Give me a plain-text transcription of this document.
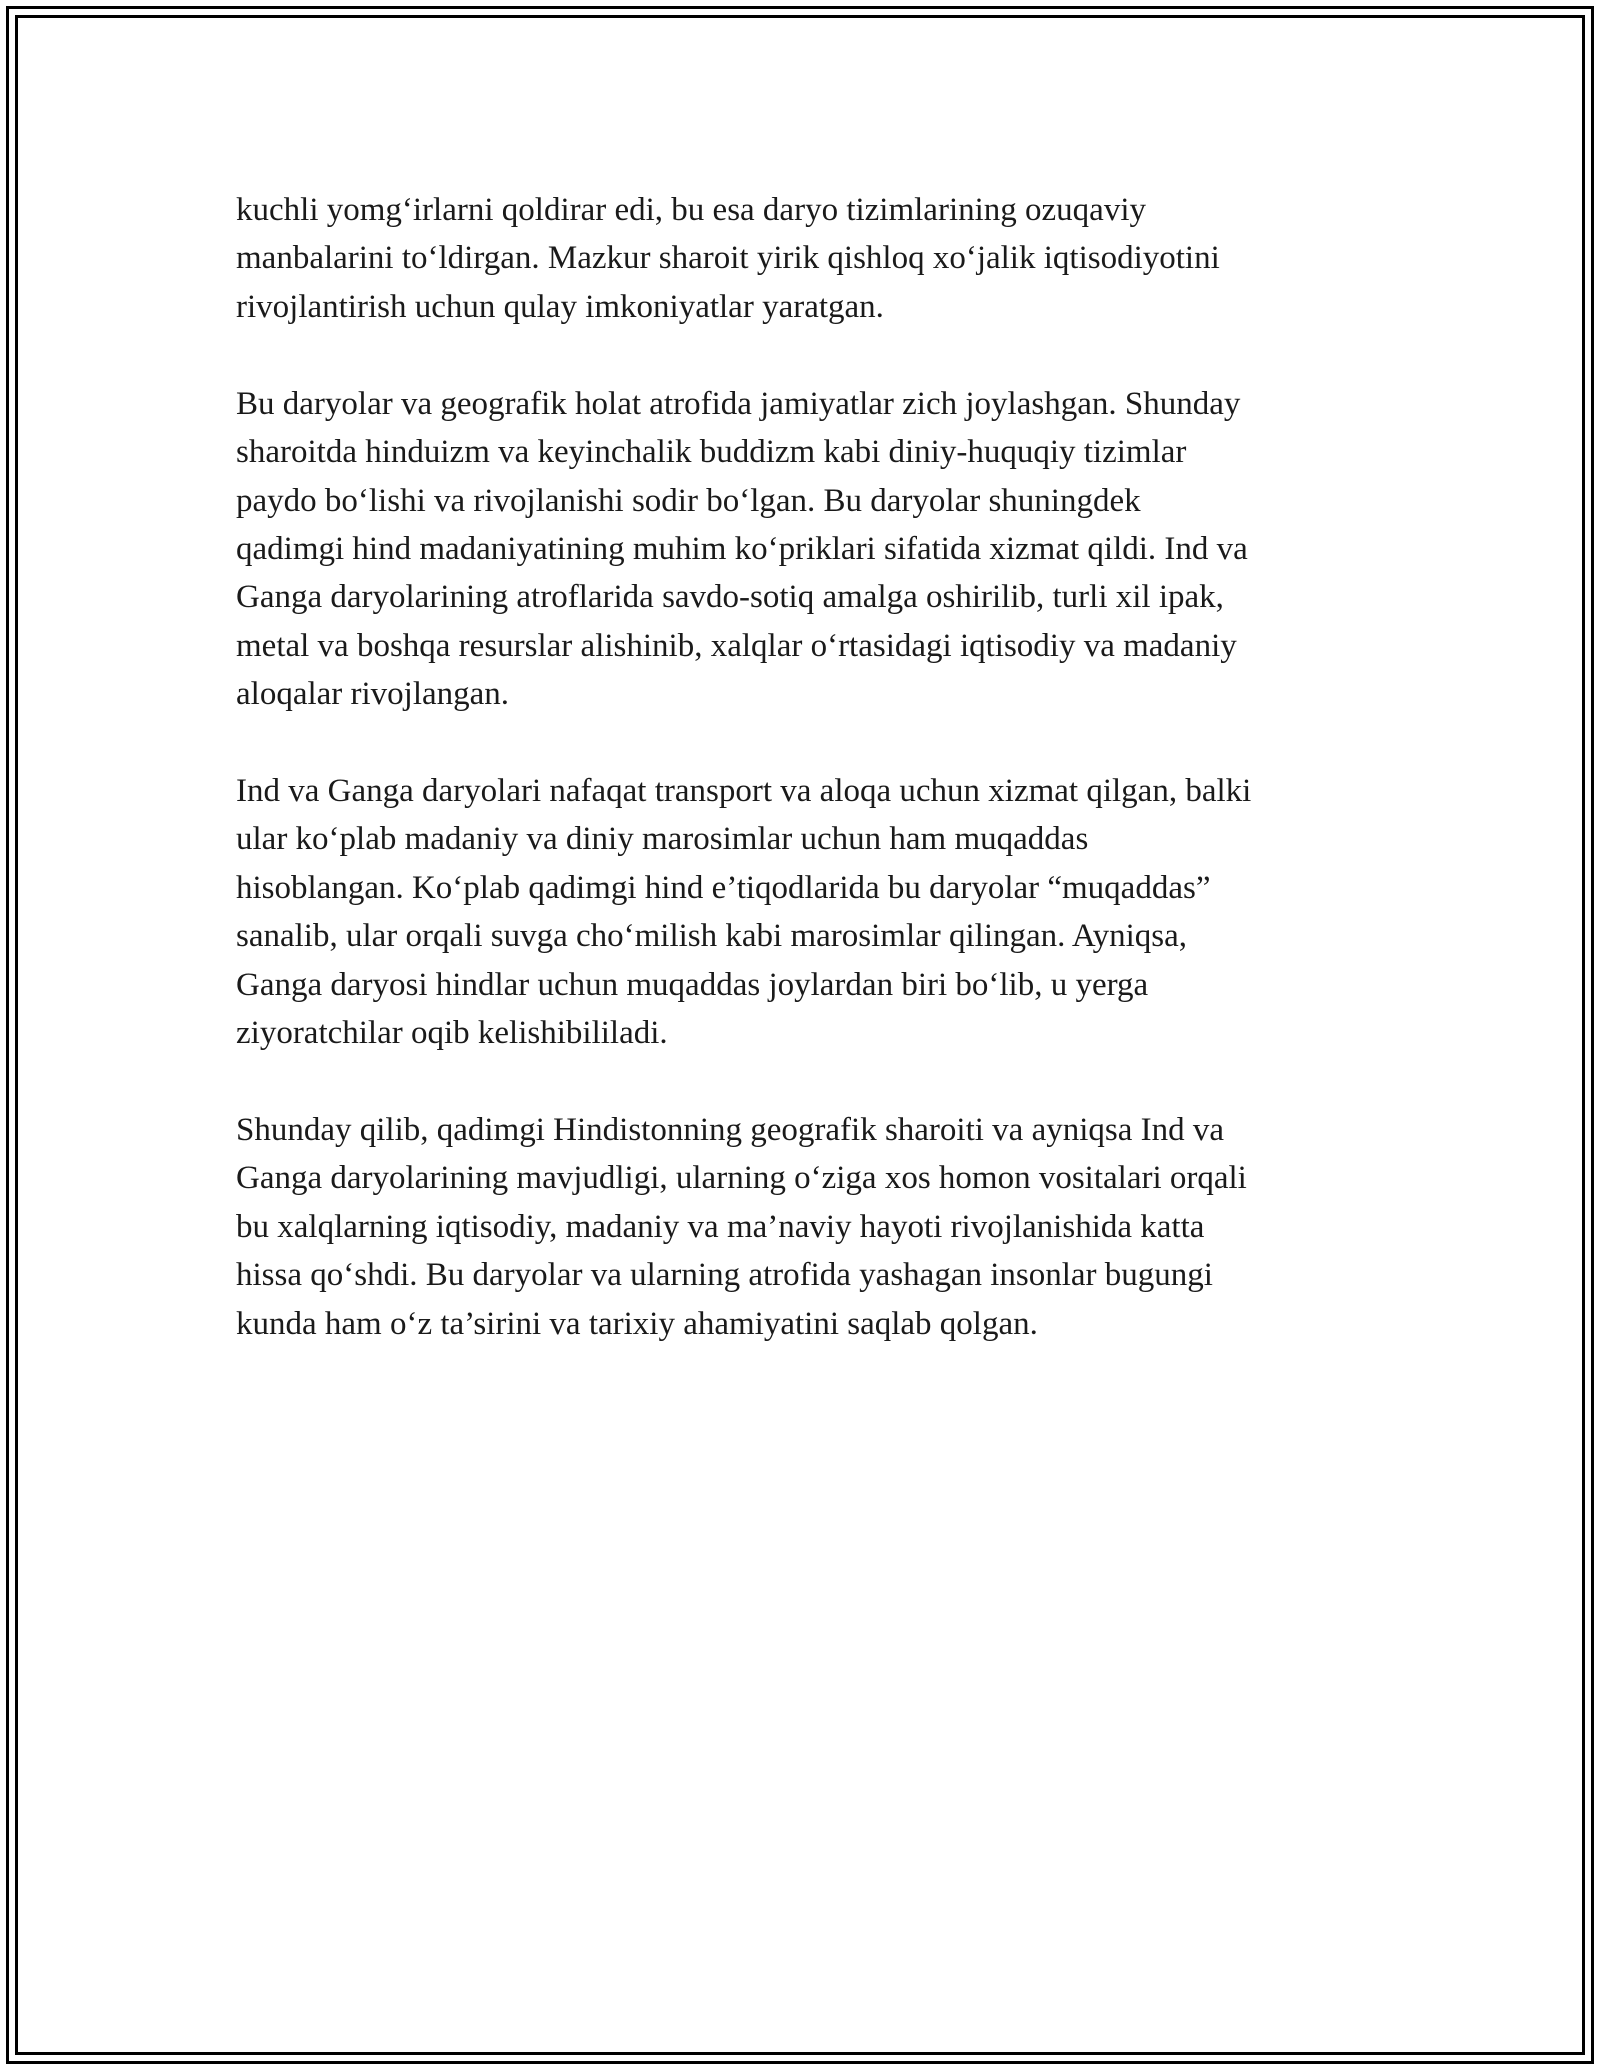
kuchli yomg‘irlarni qoldirar edi, bu esa daryo tizimlarining ozuqaviy
manbalarini to‘ldirgan. Mazkur sharoit yirik qishloq xo‘jalik iqtisodiyotini
rivojlantirish uchun qulay imkoniyatlar yaratgan.
Bu daryolar va geografik holat atrofida jamiyatlar zich joylashgan. Shunday
sharoitda hinduizm va keyinchalik buddizm kabi diniy-huquqiy tizimlar
paydo bo‘lishi va rivojlanishi sodir bo‘lgan. Bu daryolar shuningdek
qadimgi hind madaniyatining muhim ko‘priklari sifatida xizmat qildi. Ind va
Ganga daryolarining atroflarida savdo-sotiq amalga oshirilib, turli xil ipak,
metal va boshqa resurslar alishinib, xalqlar o‘rtasidagi iqtisodiy va madaniy
aloqalar rivojlangan.
Ind va Ganga daryolari nafaqat transport va aloqa uchun xizmat qilgan, balki
ular ko‘plab madaniy va diniy marosimlar uchun ham muqaddas
hisoblangan. Ko‘plab qadimgi hind e’tiqodlarida bu daryolar “muqaddas”
sanalib, ular orqali suvga cho‘milish kabi marosimlar qilingan. Ayniqsa,
Ganga daryosi hindlar uchun muqaddas joylardan biri bo‘lib, u yerga
ziyoratchilar oqib kelishibililadi.
Shunday qilib, qadimgi Hindistonning geografik sharoiti va ayniqsa Ind va
Ganga daryolarining mavjudligi, ularning o‘ziga xos homon vositalari orqali
bu xalqlarning iqtisodiy, madaniy va ma’naviy hayoti rivojlanishida katta
hissa qo‘shdi. Bu daryolar va ularning atrofida yashagan insonlar bugungi
kunda ham o‘z ta’sirini va tarixiy ahamiyatini saqlab qolgan.
